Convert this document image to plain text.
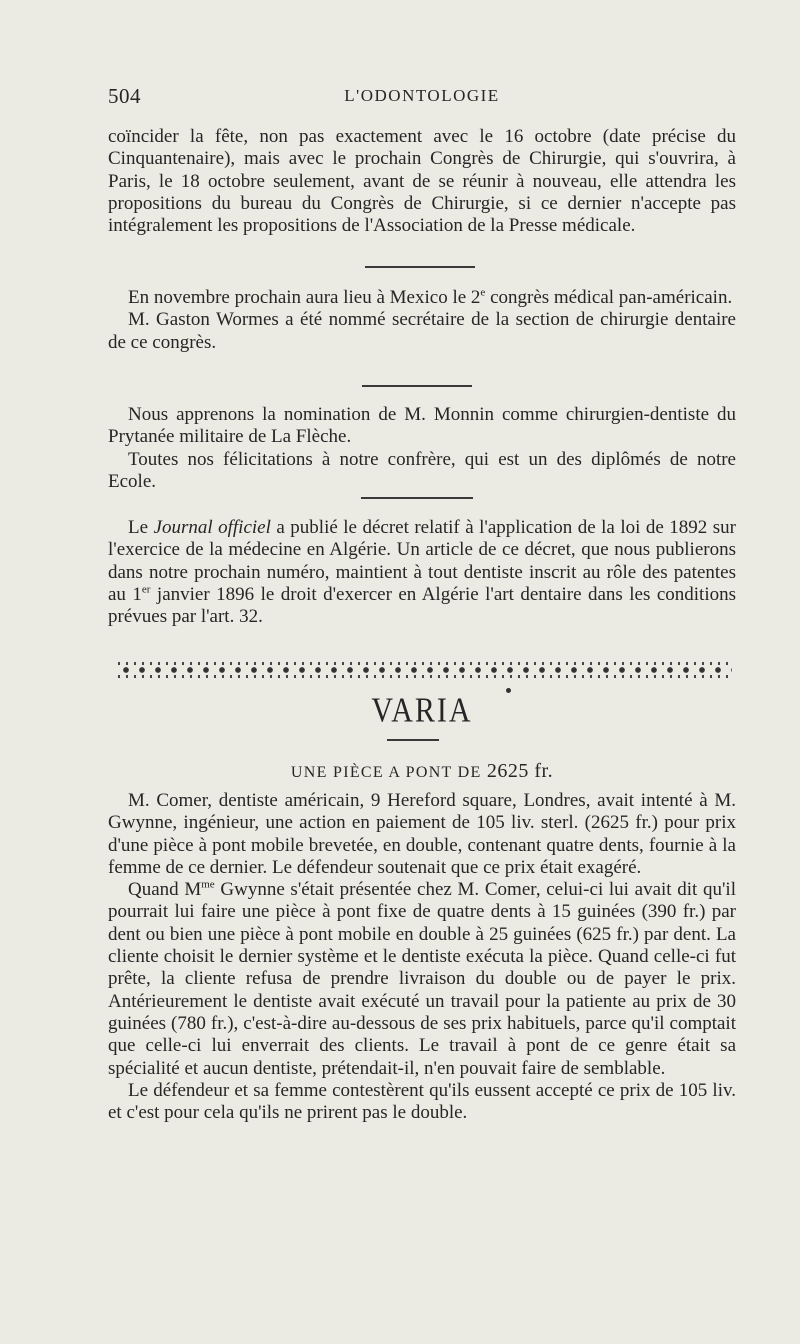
504	L'ODONTOLOGIE

coïncider la fête, non pas exactement avec le 16 octobre (date précise du Cinquantenaire), mais avec le prochain Congrès de Chirurgie, qui s'ouvrira, à Paris, le 18 octobre seulement, avant de se réunir à nouveau, elle attendra les propositions du bureau du Congrès de Chirurgie, si ce dernier n'accepte pas intégralement les propositions de l'Association de la Presse médicale.

En novembre prochain aura lieu à Mexico le 2e congrès médical pan-américain.

M. Gaston Wormes a été nommé secrétaire de la section de chirurgie dentaire de ce congrès.

Nous apprenons la nomination de M. Monnin comme chirurgien-dentiste du Prytanée militaire de La Flèche.

Toutes nos félicitations à notre confrère, qui est un des diplômés de notre Ecole.

Le Journal officiel a publié le décret relatif à l'application de la loi de 1892 sur l'exercice de la médecine en Algérie. Un article de ce décret, que nous publierons dans notre prochain numéro, maintient à tout dentiste inscrit au rôle des patentes au 1er janvier 1896 le droit d'exercer en Algérie l'art dentaire dans les conditions prévues par l'art. 32.

VARIA
UNE PIÈCE A PONT DE 2625 fr.

M. Comer, dentiste américain, 9 Hereford square, Londres, avait intenté à M. Gwynne, ingénieur, une action en paiement de 105 liv. sterl. (2625 fr.) pour prix d'une pièce à pont mobile brevetée, en double, contenant quatre dents, fournie à la femme de ce dernier. Le défendeur soutenait que ce prix était exagéré.

Quand $M^{me}$ Gwynne s'était présentée chez M. Comer, celui-ci lui avait dit qu'il pourrait lui faire une pièce à pont fixe de quatre dents à 15 guinées (390 fr.) par dent ou bien une pièce à pont mobile en double à 25 guinées (625 fr.) par dent. La cliente choisit le dernier système et le dentiste exécuta la pièce. Quand celle-ci fut prête, la cliente refusa de prendre livraison du double ou de payer le prix. Antérieurement le dentiste avait exécuté un travail pour la patiente au prix de 30 guinées (780 fr.), c'est-à-dire au-dessous de ses prix habituels, parce qu'il comptait que celle-ci lui enverrait des clients. Le travail à pont de ce genre était sa spécialité et aucun dentiste, prétendait-il, n'en pouvait faire de semblable.

Le défendeur et sa femme contestèrent qu'ils eussent accepté ce prix de 105 liv. et c'est pour cela qu'ils ne prirent pas le double.
